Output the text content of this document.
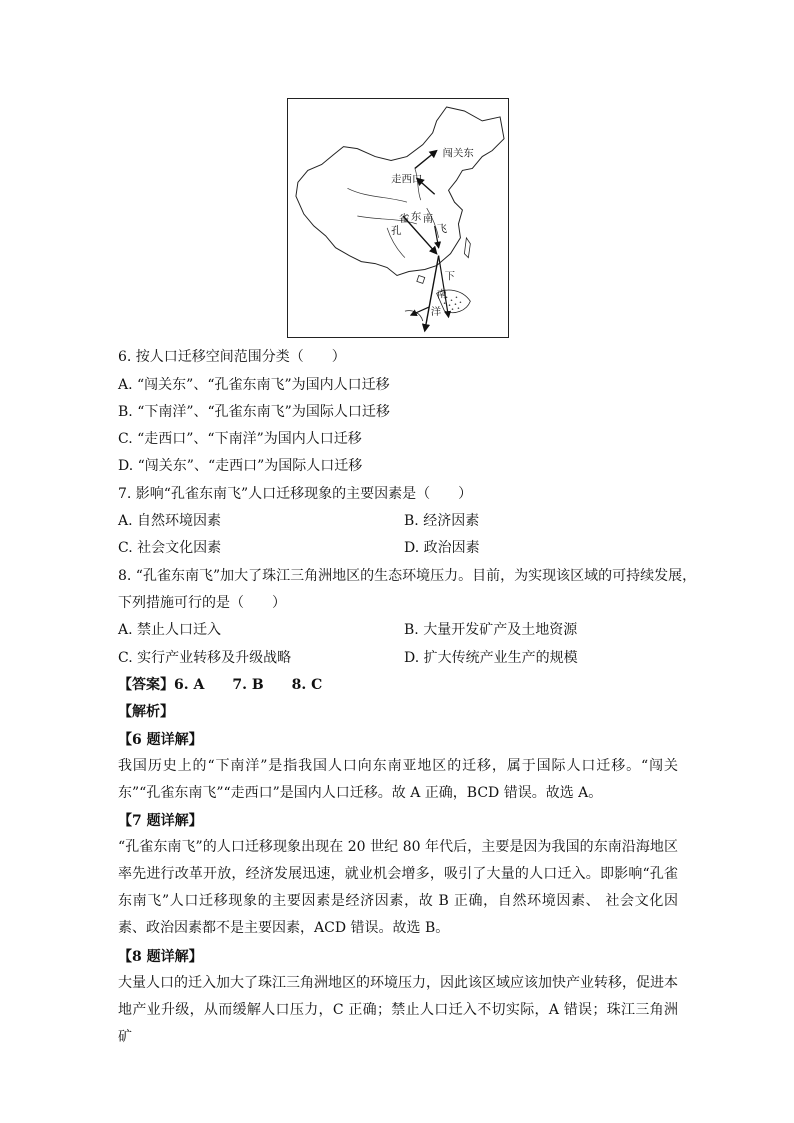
闯关东
走西口
孔
雀 东 南
飞
下
南
洋
6. 按人口迁移空间范围分类（　　）
A. “闯关东”、“孔雀东南飞”为国内人口迁移
B. “下南洋”、“孔雀东南飞”为国际人口迁移
C. “走西口”、“下南洋”为国内人口迁移
D. “闯关东”、“走西口”为国际人口迁移
7. 影响“孔雀东南飞”人口迁移现象的主要因素是（　　）
A. 自然环境因素	B. 经济因素
C. 社会文化因素	D. 政治因素
8. “孔雀东南飞”加大了珠江三角洲地区的生态环境压力。目前，为实现该区域的可持续发展，
下列措施可行的是（　　）
A. 禁止人口迁入	B. 大量开发矿产及土地资源
C. 实行产业转移及升级战略	D. 扩大传统产业生产的规模
【答案】6. A　　7. B　　8. C
【解析】
【6 题详解】
我国历史上的“下南洋”是指我国人口向东南亚地区的迁移，属于国际人口迁移。“闯关东”“孔雀东南飞”“走西口”是国内人口迁移。故 A 正确，BCD 错误。故选 A。
【7 题详解】
“孔雀东南飞”的人口迁移现象出现在 20 世纪 80 年代后，主要是因为我国的东南沿海地区率先进行改革开放，经济发展迅速，就业机会增多，吸引了大量的人口迁入。即影响“孔雀东南飞”人口迁移现象的主要因素是经济因素，故 B 正确，自然环境因素、 社会文化因素、政治因素都不是主要因素，ACD 错误。故选 B。
【8 题详解】
大量人口的迁入加大了珠江三角洲地区的环境压力，因此该区域应该加快产业转移，促进本地产业升级，从而缓解人口压力，C 正确；禁止人口迁入不切实际，A 错误；珠江三角洲矿
